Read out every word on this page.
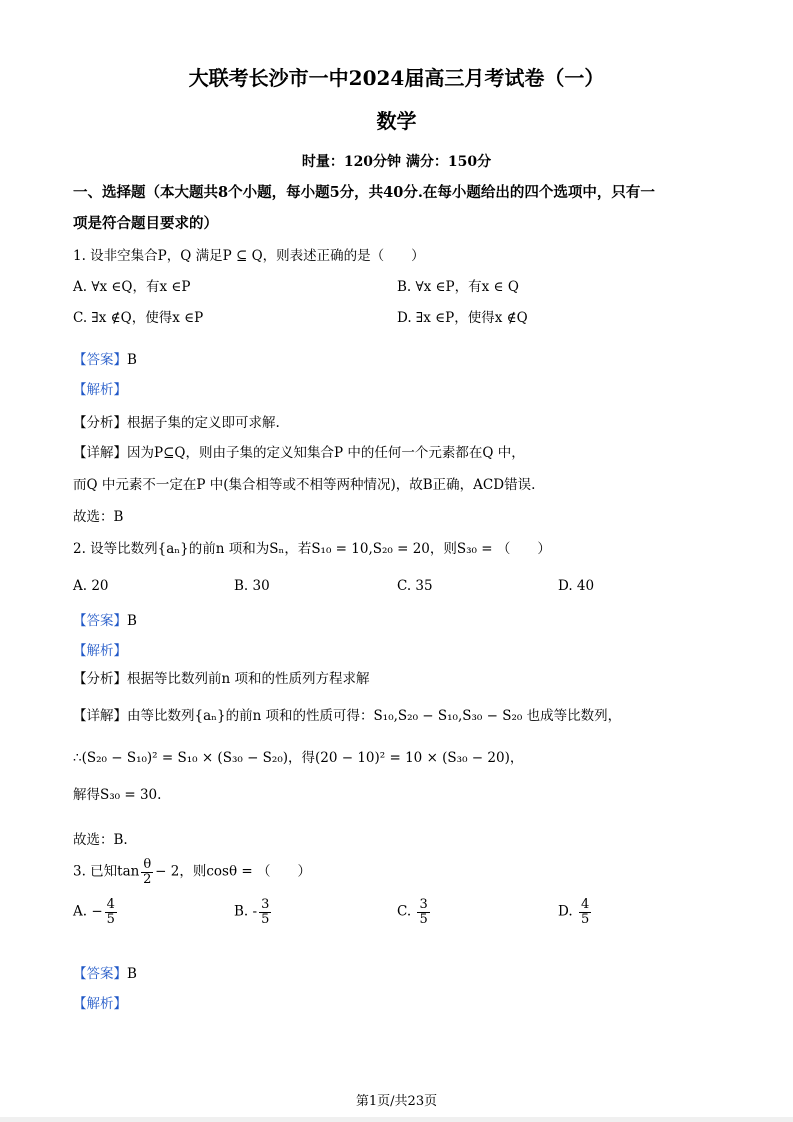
大联考长沙市一中2024届高三月考试卷（一）
数学
时量：120分钟 满分：150分
一、选择题（本大题共8个小题，每小题5分，共40分.在每小题给出的四个选项中，只有一
项是符合题目要求的）
1. 设非空集合P，Q 满足P ⊆ Q，则表述正确的是（　　）
A. ∀x ∈Q，有x ∈P	B. ∀x ∈P，有x ∈ Q
C. ∃x ∉Q，使得x ∈P	D. ∃x ∈P，使得x ∉Q
【答案】B
【解析】
【分析】根据子集的定义即可求解.
【详解】因为P⊆Q，则由子集的定义知集合P 中的任何一个元素都在Q 中，
而Q 中元素不一定在P 中(集合相等或不相等两种情况)，故B正确，ACD错误.
故选：B
2. 设等比数列{aₙ}的前n 项和为Sₙ，若S₁₀ = 10,S₂₀ = 20，则S₃₀ = （　　）
A. 20	B. 30	C. 35	D. 40
【答案】B
【解析】
【分析】根据等比数列前n 项和的性质列方程求解
【详解】由等比数列{aₙ}的前n 项和的性质可得：S₁₀,S₂₀ − S₁₀,S₃₀ − S₂₀ 也成等比数列，
∴(S₂₀ − S₁₀)² = S₁₀ × (S₃₀ − S₂₀)，得(20 − 10)² = 10 × (S₃₀ − 20)，
解得S₃₀ = 30.
故选：B.
3. 已知$\tan \frac{\theta}{2} - 2$，则cosθ = （　　）
A. − $\frac{4}{5}$	B. - $\frac{3}{5}$	C. $\frac{3}{5}$	D. $\frac{4}{5}$
【答案】B
【解析】
第1页/共23页
